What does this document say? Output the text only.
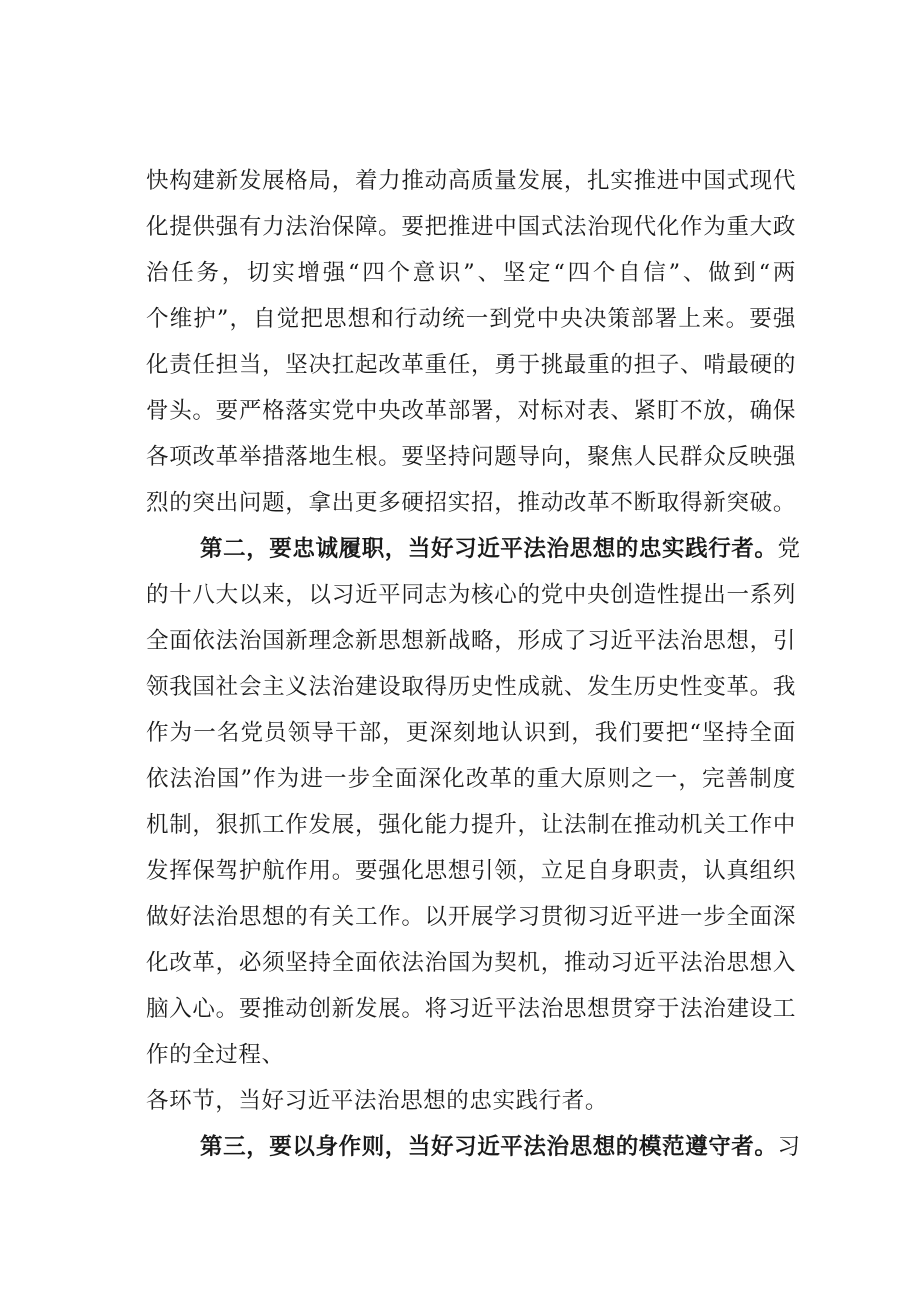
快构建新发展格局，着力推动高质量发展，扎实推进中国式现代
化提供强有力法治保障。要把推进中国式法治现代化作为重大政
治任务，切实增强“四个意识”、坚定“四个自信”、做到“两
个维护”，自觉把思想和行动统一到党中央决策部署上来。要强
化责任担当，坚决扛起改革重任，勇于挑最重的担子、啃最硬的
骨头。要严格落实党中央改革部署，对标对表、紧盯不放，确保
各项改革举措落地生根。要坚持问题导向，聚焦人民群众反映强
烈的突出问题，拿出更多硬招实招，推动改革不断取得新突破。
第二，要忠诚履职，当好习近平法治思想的忠实践行者。党
的十八大以来，以习近平同志为核心的党中央创造性提出一系列
全面依法治国新理念新思想新战略，形成了习近平法治思想，引
领我国社会主义法治建设取得历史性成就、发生历史性变革。我
作为一名党员领导干部，更深刻地认识到，我们要把“坚持全面
依法治国”作为进一步全面深化改革的重大原则之一，完善制度
机制，狠抓工作发展，强化能力提升，让法制在推动机关工作中
发挥保驾护航作用。要强化思想引领，立足自身职责，认真组织
做好法治思想的有关工作。以开展学习贯彻习近平进一步全面深
化改革，必须坚持全面依法治国为契机，推动习近平法治思想入
脑入心。要推动创新发展。将习近平法治思想贯穿于法治建设工
作的全过程、
各环节，当好习近平法治思想的忠实践行者。
第三，要以身作则，当好习近平法治思想的模范遵守者。习
